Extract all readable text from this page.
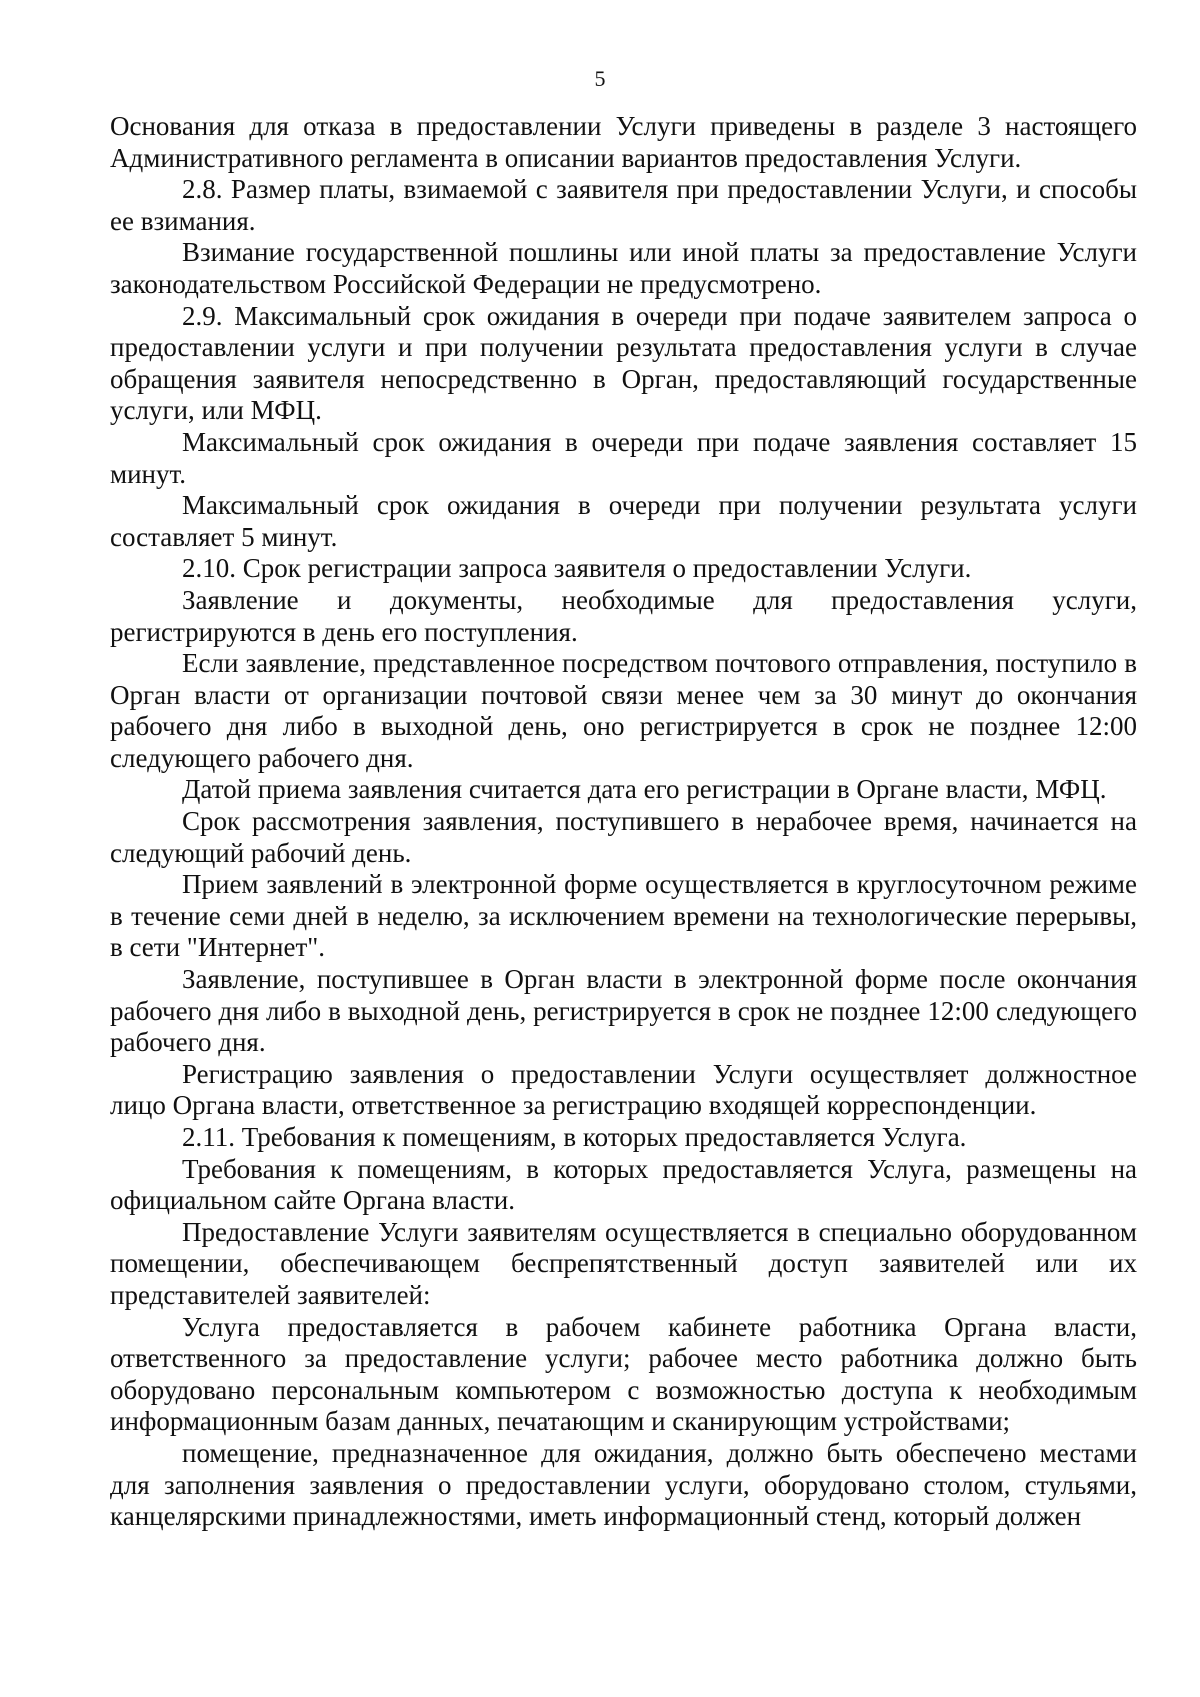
5

Основания для отказа в предоставлении Услуги приведены в разделе 3 настоящего Административного регламента в описании вариантов предоставления Услуги.

2.8. Размер платы, взимаемой с заявителя при предоставлении Услуги, и способы ее взимания.

Взимание государственной пошлины или иной платы за предоставление Услуги законодательством Российской Федерации не предусмотрено.

2.9. Максимальный срок ожидания в очереди при подаче заявителем запроса о предоставлении услуги и при получении результата предоставления услуги в случае обращения заявителя непосредственно в Орган, предоставляющий государственные услуги, или МФЦ.

Максимальный срок ожидания в очереди при подаче заявления составляет 15 минут.

Максимальный срок ожидания в очереди при получении результата услуги составляет 5 минут.

2.10. Срок регистрации запроса заявителя о предоставлении Услуги.

Заявление и документы, необходимые для предоставления услуги, регистрируются в день его поступления.

Если заявление, представленное посредством почтового отправления, поступило в Орган власти от организации почтовой связи менее чем за 30 минут до окончания рабочего дня либо в выходной день, оно регистрируется в срок не позднее 12:00 следующего рабочего дня.

Датой приема заявления считается дата его регистрации в Органе власти, МФЦ.

Срок рассмотрения заявления, поступившего в нерабочее время, начинается на следующий рабочий день.

Прием заявлений в электронной форме осуществляется в круглосуточном режиме в течение семи дней в неделю, за исключением времени на технологические перерывы, в сети "Интернет".

Заявление, поступившее в Орган власти в электронной форме после окончания рабочего дня либо в выходной день, регистрируется в срок не позднее 12:00 следующего рабочего дня.

Регистрацию заявления о предоставлении Услуги осуществляет должностное лицо Органа власти, ответственное за регистрацию входящей корреспонденции.

2.11. Требования к помещениям, в которых предоставляется Услуга.

Требования к помещениям, в которых предоставляется Услуга, размещены на официальном сайте Органа власти.

Предоставление Услуги заявителям осуществляется в специально оборудованном помещении, обеспечивающем беспрепятственный доступ заявителей или их представителей заявителей:

Услуга предоставляется в рабочем кабинете работника Органа власти, ответственного за предоставление услуги; рабочее место работника должно быть оборудовано персональным компьютером с возможностью доступа к необходимым информационным базам данных, печатающим и сканирующим устройствами;

помещение, предназначенное для ожидания, должно быть обеспечено местами для заполнения заявления о предоставлении услуги, оборудовано столом, стульями, канцелярскими принадлежностями, иметь информационный стенд, который должен
